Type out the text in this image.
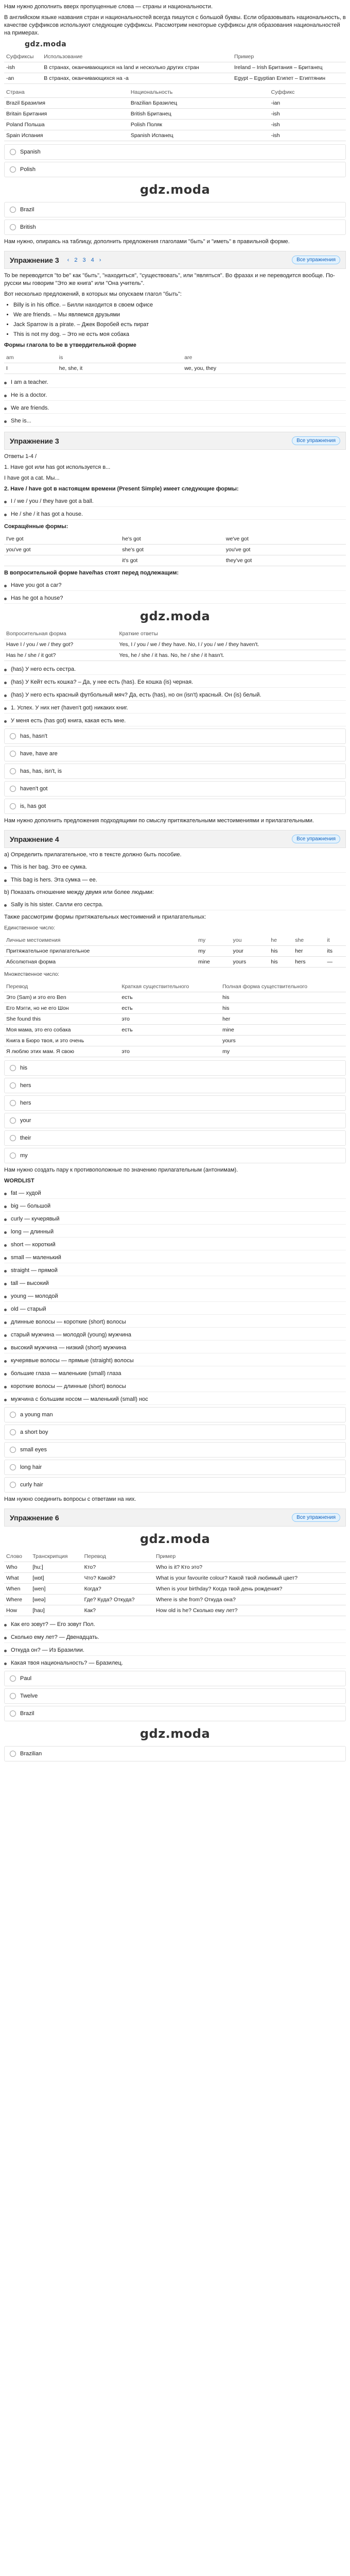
Нам нужно дополнить вверх пропущенные слова — страны и национальности.

В английском языке названия стран и национальностей всегда пишутся с большой буквы. Если образовывать национальность, в качестве суффиксов используют следующие суффиксы. Рассмотрим некоторые суффиксы для образования национальностей на примерах.

gdz.moda
Суффиксы	Использование	Пример
-ish	В странах, оканчивающихся на land и несколько других стран	Ireland – Irish Британия – Британец
-an	В странах, оканчивающихся на -a	Egypt – Egyptian Египет – Египтянин
Страна	Национальность	Суффикс
Brazil Бразилия	Brazilian Бразилец	-ian
Britain Британия	British Британец	-ish
Poland Польша	Polish Поляк	-ish
Spain Испания	Spanish Испанец	-ish
Spanish
Polish
gdz.moda
Brazil
British

Нам нужно, опираясь на таблицу, дополнить предложения глаголами "быть" и "иметь" в правильной форме.

Упражнение 3 ‹ 2 3 4 ›	Все упражнения

To be переводится "to be" как "быть", "находиться", "существовать", или "являться". Во фразах и не переводится вообще. По-русски мы говорим "Это же книга" или "Она учитель".

Вот несколько предложений, в которых мы опускаем глагол "быть":

• Billy is in his office. – Билли находится в своем офисе
• We are friends. – Мы являемся друзьями
• Jack Sparrow is a pirate. – Джек Воробей есть пират
• This is not my dog. – Это не есть моя собака

Формы глагола to be в утвердительной форме

am	is	are
I	he, she, it	we, you, they
I am a teacher.
He is a doctor.
We are friends.
She is...
Упражнение 3	Все упражнения

Ответы 1-4 /

1. Have got или has got используется в...

I have got a cat. Мы...

2. Have / have got в настоящем времени (Present Simple) имеет следующие формы:

I / we / you / they have got a ball.
He / she / it has got a house.

Сокращённые формы:

I've got	he's got	we've got
you've got	she's got	you've got
	it's got	they've got

В вопросительной форме have/has стоят перед подлежащим:

Have you got a car?
Has he got a house?
gdz.moda
Вопросительная форма	Краткие ответы
Have I / you / we / they got?	Yes, I / you / we / they have. No, I / you / we / they haven't.
Has he / she / it got?	Yes, he / she / it has. No, he / she / it hasn't.
(has) У него есть сестра.
(has) У Кейт есть кошка? – Да, у нее есть (has). Ее кошка (is) черная.
(has) У него есть красный футбольный мяч? Да, есть (has), но он (isn't) красный. Он (is) белый.
1. Успех. У них нет (haven't got) никаких книг.
У меня есть (has got) книга, какая есть мне.
has, hasn't
have, have are
has, has, isn't, is
haven't got
is, has got

Нам нужно дополнить предложения подходящими по смыслу притяжательными местоимениями и прилагательными.

Упражнение 4	Все упражнения

а) Определить прилагательное, что в тексте должно быть пособие.

This is her bag. Это ее сумка.
This bag is hers. Эта сумка — ее.

b) Показать отношение между двумя или более людьми:

Sally is his sister. Салли его сестра.

Также рассмотрим формы притяжательных местоимений и прилагательных:

Единственное число:

Личные местоимения	my	you	he	she	it
Притяжательное прилагательное	my	your	his	her	its
Абсолютная форма	mine	yours	his	hers	—

Множественное число:

Перевод	Краткая существительного	Полная форма существительного
Это (Sam) и это его Ben	есть	his
Его Мэгги, но не его Шон	есть	his
She found this	это	her
Моя мама, это его собака	есть	mine
Книга в Бюро твоя, и это очень		yours
Я люблю этих мам. Я свою	это	my
his
hers
hers
your
their
my

Нам нужно создать пару к противоположные по значению прилагательным (антонимам).

WORDLIST

fat — худой
big — большой
curly — кучерявый
long — длинный
short — короткий
small — маленький
straight — прямой
tall — высокий
young — молодой
old — старый
длинные волосы — короткие (short) волосы
старый мужчина — молодой (young) мужчина
высокий мужчина — низкий (short) мужчина
кучерявые волосы — прямые (straight) волосы
большие глаза — маленькие (small) глаза
короткие волосы — длинные (short) волосы
мужчина с большим носом — маленький (small) нос
a young man
a short boy
small eyes
long hair
curly hair

Нам нужно соединить вопросы с ответами на них.

Упражнение 6	Все упражнения
gdz.moda
Слово	Транскрипция	Перевод	Пример
Who	[hu:]	Кто?	Who is it? Кто это?
What	[wɒt]	Что? Какой?	What is your favourite colour? Какой твой любимый цвет?
When	[wen]	Когда?	When is your birthday? Когда твой день рождения?
Where	[weə]	Где? Куда? Откуда?	Where is she from? Откуда она?
How	[haʊ]	Как?	How old is he? Сколько ему лет?
Как его зовут? — Его зовут Пол.
Сколько ему лет? — Двенадцать.
Откуда он? — Из Бразилии.
Какая твоя национальность? — Бразилец.
Paul
Twelve
Brazil
gdz.moda
Brazilian
